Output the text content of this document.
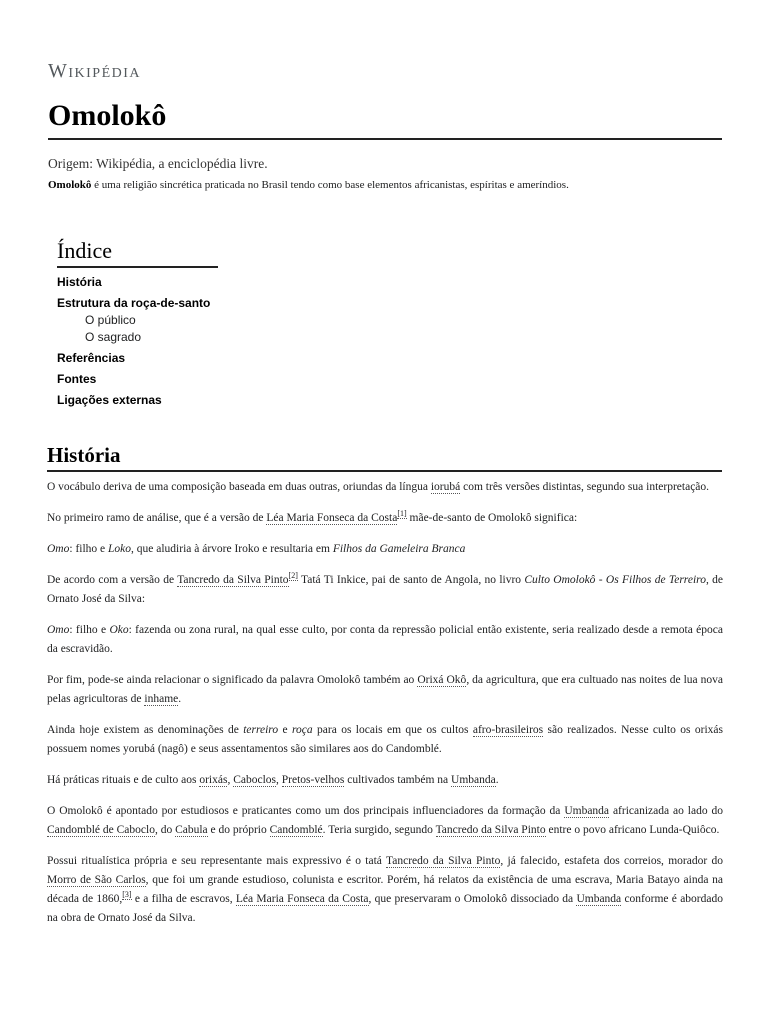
Wikipédia
Omolokô
Origem: Wikipédia, a enciclopédia livre.
Omolokô é uma religião sincrética praticada no Brasil tendo como base elementos africanistas, espíritas e ameríndios.
Índice
História
Estrutura da roça-de-santo
O público
O sagrado
Referências
Fontes
Ligações externas
História

O vocábulo deriva de uma composição baseada em duas outras, oriundas da língua iorubá com três versões distintas, segundo sua interpretação.

No primeiro ramo de análise, que é a versão de Léa Maria Fonseca da Costa[1] mãe-de-santo de Omolokô significa:

Omo: filho e Loko, que aludiria à árvore Iroko e resultaria em Filhos da Gameleira Branca

De acordo com a versão de Tancredo da Silva Pinto[2] Tatá Ti Inkice, pai de santo de Angola, no livro Culto Omolokô - Os Filhos de Terreiro, de Ornato José da Silva:

Omo: filho e Oko: fazenda ou zona rural, na qual esse culto, por conta da repressão policial então existente, seria realizado desde a remota época da escravidão.

Por fim, pode-se ainda relacionar o significado da palavra Omolokô também ao Orixá Okô, da agricultura, que era cultuado nas noites de lua nova pelas agricultoras de inhame.

Ainda hoje existem as denominações de terreiro e roça para os locais em que os cultos afro-brasileiros são realizados. Nesse culto os orixás possuem nomes yorubá (nagô) e seus assentamentos são similares aos do Candomblé.

Há práticas rituais e de culto aos orixás, Caboclos, Pretos-velhos cultivados também na Umbanda.

O Omolokô é apontado por estudiosos e praticantes como um dos principais influenciadores da formação da Umbanda africanizada ao lado do Candomblé de Caboclo, do Cabula e do próprio Candomblé. Teria surgido, segundo Tancredo da Silva Pinto entre o povo africano Lunda-Quiôco.

Possui ritualística própria e seu representante mais expressivo é o tatá Tancredo da Silva Pinto, já falecido, estafeta dos correios, morador do Morro de São Carlos, que foi um grande estudioso, colunista e escritor. Porém, há relatos da existência de uma escrava, Maria Batayo ainda na década de 1860,[3] e a filha de escravos, Léa Maria Fonseca da Costa, que preservaram o Omolokô dissociado da Umbanda conforme é abordado na obra de Ornato José da Silva.
